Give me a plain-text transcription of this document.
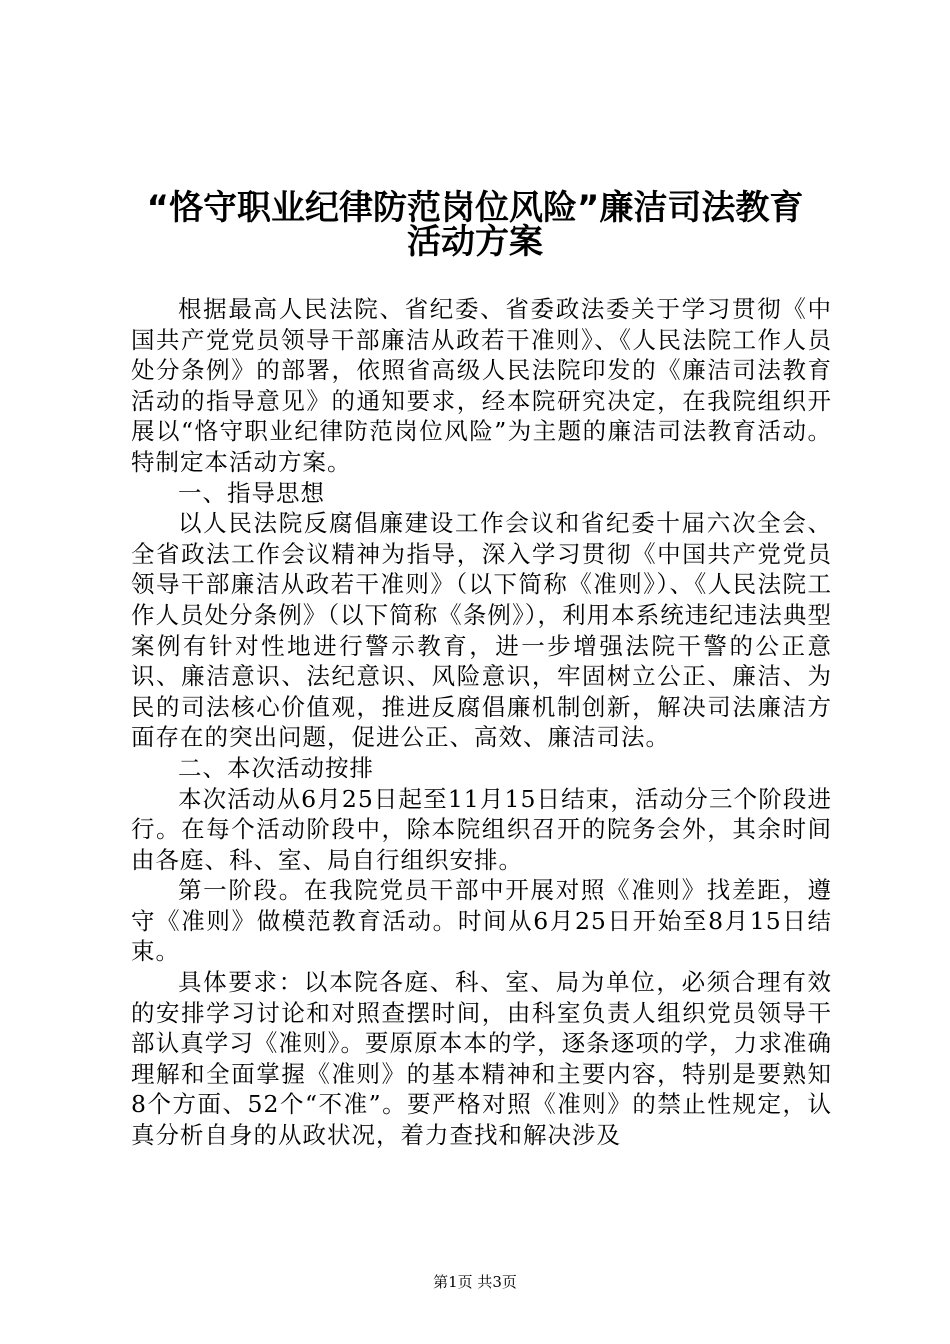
“恪守职业纪律防范岗位风险”廉洁司法教育
活动方案

根据最高人民法院、省纪委、省委政法委关于学习贯彻《中国共产党党员领导干部廉洁从政若干准则》、《人民法院工作人员处分条例》的部署，依照省高级人民法院印发的《廉洁司法教育活动的指导意见》的通知要求，经本院研究决定，在我院组织开展以“恪守职业纪律防范岗位风险”为主题的廉洁司法教育活动。特制定本活动方案。

一、指导思想

以人民法院反腐倡廉建设工作会议和省纪委十届六次全会、全省政法工作会议精神为指导，深入学习贯彻《中国共产党党员领导干部廉洁从政若干准则》（以下简称《准则》）、《人民法院工作人员处分条例》（以下简称《条例》），利用本系统违纪违法典型案例有针对性地进行警示教育，进一步增强法院干警的公正意识、廉洁意识、法纪意识、风险意识，牢固树立公正、廉洁、为民的司法核心价值观，推进反腐倡廉机制创新，解决司法廉洁方面存在的突出问题，促进公正、高效、廉洁司法。

二、本次活动按排

本次活动从6月25日起至11月15日结束，活动分三个阶段进行。在每个活动阶段中，除本院组织召开的院务会外，其余时间由各庭、科、室、局自行组织安排。

第一阶段。在我院党员干部中开展对照《准则》找差距，遵守《准则》做模范教育活动。时间从6月25日开始至8月15日结束。

具体要求：以本院各庭、科、室、局为单位，必须合理有效的安排学习讨论和对照查摆时间，由科室负责人组织党员领导干部认真学习《准则》。要原原本本的学，逐条逐项的学，力求准确理解和全面掌握《准则》的基本精神和主要内容，特别是要熟知8个方面、52个“不准”。要严格对照《准则》的禁止性规定，认真分析自身的从政状况，着力查找和解决涉及

第1页 共3页
